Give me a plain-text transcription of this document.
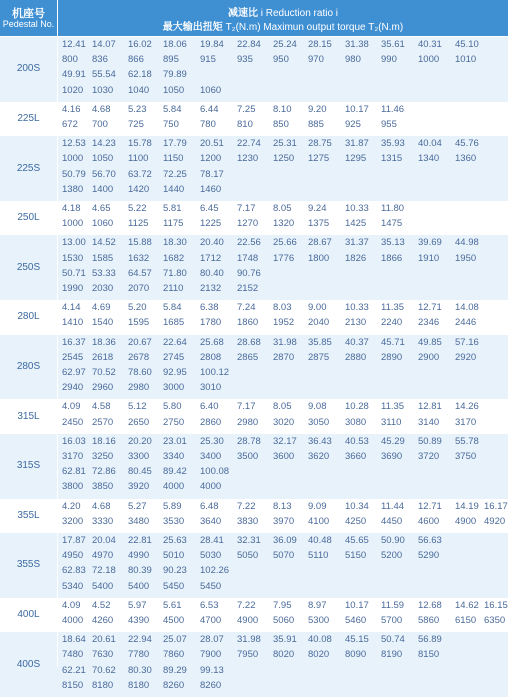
机座号
Pedestal No.
减速比 i Reduction ratio i
最大输出扭矩 T₂(N.m) Maximun output torque T₂(N.m)
200S
12.41 14.07 16.02 18.06 19.84 22.84 25.24 28.15 31.38 35.61 40.31 45.10
800 836 866 895 915 935 950 970 980 990 1000 1010
49.91 55.54 62.18 79.89
1020 1030 1040 1050 1060
225L
4.16 4.68 5.23 5.84 6.44 7.25 8.10 9.20 10.17 11.46
672 700 725 750 780 810 850 885 925 955
225S
12.53 14.23 15.78 17.79 20.51 22.74 25.31 28.75 31.87 35.93 40.04 45.76
1000 1050 1100 1150 1200 1230 1250 1275 1295 1315 1340 1360
50.79 56.70 63.72 72.25 78.17
1380 1400 1420 1440 1460
250L
4.18 4.65 5.22 5.81 6.45 7.17 8.05 9.24 10.33 11.80
1000 1060 1125 1175 1225 1270 1320 1375 1425 1475
250S
13.00 14.52 15.88 18.30 20.40 22.56 25.66 28.67 31.37 35.13 39.69 44.98
1530 1585 1632 1682 1712 1748 1776 1800 1826 1866 1910 1950
50.71 53.33 64.57 71.80 80.40 90.76
1990 2030 2070 2110 2132 2152
280L
4.14 4.69 5.20 5.84 6.38 7.24 8.03 9.00 10.33 11.35 12.71 14.08
1410 1540 1595 1685 1780 1860 1952 2040 2130 2240 2346 2446
280S
16.37 18.36 20.67 22.64 25.68 28.68 31.98 35.85 40.37 45.71 49.85 57.16
2545 2618 2678 2745 2808 2865 2870 2875 2880 2890 2900 2920
62.97 70.52 78.60 92.95 100.12
2940 2960 2980 3000 3010
315L
4.09 4.58 5.12 5.80 6.40 7.17 8.05 9.08 10.28 11.35 12.81 14.26
2450 2570 2650 2750 2860 2980 3020 3050 3080 3110 3140 3170
315S
16.03 18.16 20.20 23.01 25.30 28.78 32.17 36.43 40.53 45.29 50.89 55.78
3170 3250 3300 3340 3400 3500 3600 3620 3660 3690 3720 3750
62.81 72.86 80.45 89.42 100.08
3800 3850 3920 4000 4000
355L
4.20 4.68 5.27 5.89 6.48 7.22 8.13 9.09 10.34 11.44 12.71 14.19 16.17
3200 3330 3480 3530 3640 3830 3970 4100 4250 4450 4600 4900 4920
355S
17.87 20.04 22.81 25.63 28.41 32.31 36.09 40.48 45.65 50.90 56.63
4950 4970 4990 5010 5030 5050 5070 5110 5150 5200 5290
62.83 72.18 80.39 90.23 102.26
5340 5400 5400 5450 5450
400L
4.09 4.52 5.97 5.61 6.53 7.22 7.95 8.97 10.17 11.59 12.68 14.62 16.15
4000 4260 4390 4500 4700 4900 5060 5300 5460 5700 5860 6150 6350
400S
18.64 20.61 22.94 25.07 28.07 31.98 35.91 40.08 45.15 50.74 56.89
7480 7630 7780 7860 7900 7950 8020 8020 8090 8190 8150
62.21 70.62 80.30 89.29 99.13
8150 8180 8180 8260 8260
